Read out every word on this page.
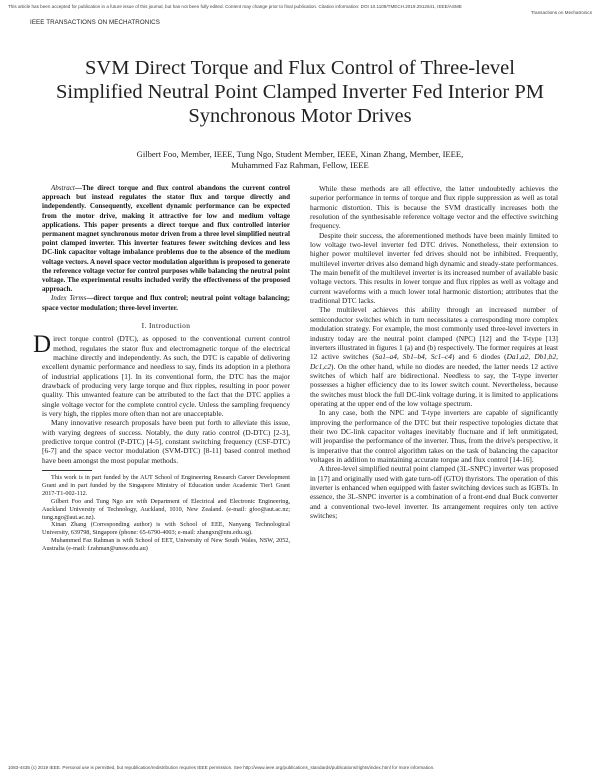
This article has been accepted for publication in a future issue of this journal, but has not been fully edited. Content may change prior to final publication. Citation information: DOI 10.1109/TMECH.2019.2912641, IEEE/ASME
Transactions on Mechatronics
IEEE TRANSACTIONS ON MECHATRONICS
SVM Direct Torque and Flux Control of Three-level Simplified Neutral Point Clamped Inverter Fed Interior PM Synchronous Motor Drives
Gilbert Foo, Member, IEEE, Tung Ngo, Student Member, IEEE, Xinan Zhang, Member, IEEE,
Muhammed Faz Rahman, Fellow, IEEE

Abstract—The direct torque and flux control abandons the current control approach but instead regulates the stator flux and torque directly and independently. Consequently, excellent dynamic performance can be expected from the motor drive, making it attractive for low and medium voltage applications. This paper presents a direct torque and flux controlled interior permanent magnet synchronous motor driven from a three level simplified neutral point clamped inverter. This inverter features fewer switching devices and less DC-link capacitor voltage imbalance problems due to the absence of the medium voltage vectors. A novel space vector modulation algorithm is proposed to generate the reference voltage vector for control purposes while balancing the neutral point voltage. The experimental results included verify the effectiveness of the proposed approach.

Index Terms—direct torque and flux control; neutral point voltage balancing; space vector modulation; three-level inverter.

I. Introduction

Direct torque control (DTC), as opposed to the conventional current control method, regulates the stator flux and electromagnetic torque of the electrical machine directly and independently. As such, the DTC is capable of delivering excellent dynamic performance and needless to say, finds its adoption in a plethora of industrial applications [1]. In its conventional form, the DTC has the major drawback of producing very large torque and flux ripples, resulting in poor power quality. This unwanted feature can be attributed to the fact that the DTC applies a single voltage vector for the complete control cycle. Unless the sampling frequency is very high, the ripples more often than not are unacceptable.

Many innovative research proposals have been put forth to alleviate this issue, with varying degrees of success. Notably, the duty ratio control (D-DTC) [2-3], predictive torque control (P-DTC) [4-5], constant switching frequency (CSF-DTC) [6-7] and the space vector modulation (SVM-DTC) [8-11] based control method have been amongst the most popular methods.

This work is in part funded by the AUT School of Engineering Research Career Development Grant and in part funded by the Singapore Ministry of Education under Academic Tier1 Grant 2017-T1-002-112.

Gilbert Foo and Tung Ngo are with Department of Electrical and Electronic Engineering, Auckland University of Technology, Auckland, 1010, New Zealand. (e-mail: gfoo@aut.ac.nz; tung.ngo@aut.ac.nz).

Xinan Zhang (Corresponding author) is with School of EEE, Nanyang Technological University, 639798, Singapore (phone: 65-6790-4003; e-mail: zhangxn@ntu.edu.sg).

Muhammed Faz Rahman is with School of EET, University of New South Wales, NSW, 2052, Australia (e-mail: f.rahman@unsw.edu.au)

While these methods are all effective, the latter undoubtedly achieves the superior performance in terms of torque and flux ripple suppression as well as total harmonic distortion. This is because the SVM drastically increases both the resolution of the synthesisable reference voltage vector and the effective switching frequency.

Despite their success, the aforementioned methods have been mainly limited to low voltage two-level inverter fed DTC drives. Nonetheless, their extension to higher power multilevel inverter fed drives should not be inhibited. Frequently, multilevel inverter drives also demand high dynamic and steady-state performances. The main benefit of the multilevel inverter is its increased number of available basic voltage vectors. This results in lower torque and flux ripples as well as voltage and current waveforms with a much lower total harmonic distortion; attributes that the traditional DTC lacks.

The multilevel achieves this ability through an increased number of semiconductor switches which in turn necessitates a corresponding more complex modulation strategy. For example, the most commonly used three-level inverters in industry today are the neutral point clamped (NPC) [12] and the T-type [13] inverters illustrated in figures 1 (a) and (b) respectively. The former requires at least 12 active switches (Sa1–a4, Sb1–b4, Sc1–c4) and 6 diodes (Da1,a2, Db1,b2, Dc1,c2). On the other hand, while no diodes are needed, the latter needs 12 active switches of which half are bidirectional. Needless to say, the T-type inverter possesses a higher efficiency due to its lower switch count. Nevertheless, because the switches must block the full DC-link voltage during, it is limited to applications operating at the upper end of the low voltage spectrum.

In any case, both the NPC and T-type inverters are capable of significantly improving the performance of the DTC but their respective topologies dictate that their two DC-link capacitor voltages inevitably fluctuate and if left unmitigated, will jeopardise the performance of the inverter. Thus, from the drive's perspective, it is imperative that the control algorithm takes on the task of balancing the capacitor voltages in addition to maintaining accurate torque and flux control [14-16].

A three-level simplified neutral point clamped (3L-SNPC) inverter was proposed in [17] and originally used with gate turn-off (GTO) thyristors. The operation of this inverter is enhanced when equipped with faster switching devices such as IGBTs. In essence, the 3L-SNPC inverter is a combination of a front-end dual Buck converter and a conventional two-level inverter. Its arrangement requires only ten active switches;

1083-4435 (c) 2019 IEEE. Personal use is permitted, but republication/redistribution requires IEEE permission. See http://www.ieee.org/publications_standards/publications/rights/index.html for more information.
